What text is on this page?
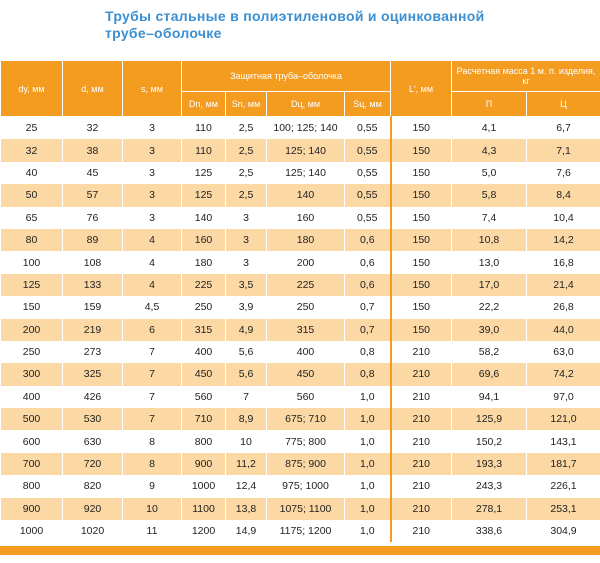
Трубы стальные в полиэтиленовой и оцинкованной
трубе–оболочке
dy, мм	d, мм	s, мм	Защитная труба–оболочка				L', мм	Расчетная масса 1 м. п. изделия, кг	
			Dn, мм	Sn, мм	Dц, мм	Sц, мм		П	Ц
25	32	3	110	2,5	100; 125; 140	0,55	150	4,1	6,7
32	38	3	110	2,5	125; 140	0,55	150	4,3	7,1
40	45	3	125	2,5	125; 140	0,55	150	5,0	7,6
50	57	3	125	2,5	140	0,55	150	5,8	8,4
65	76	3	140	3	160	0,55	150	7,4	10,4
80	89	4	160	3	180	0,6	150	10,8	14,2
100	108	4	180	3	200	0,6	150	13,0	16,8
125	133	4	225	3,5	225	0,6	150	17,0	21,4
150	159	4,5	250	3,9	250	0,7	150	22,2	26,8
200	219	6	315	4,9	315	0,7	150	39,0	44,0
250	273	7	400	5,6	400	0,8	210	58,2	63,0
300	325	7	450	5,6	450	0,8	210	69,6	74,2
400	426	7	560	7	560	1,0	210	94,1	97,0
500	530	7	710	8,9	675; 710	1,0	210	125,9	121,0
600	630	8	800	10	775; 800	1,0	210	150,2	143,1
700	720	8	900	11,2	875; 900	1,0	210	193,3	181,7
800	820	9	1000	12,4	975; 1000	1,0	210	243,3	226,1
900	920	10	1100	13,8	1075; 1100	1,0	210	278,1	253,1
1000	1020	11	1200	14,9	1175; 1200	1,0	210	338,6	304,9
